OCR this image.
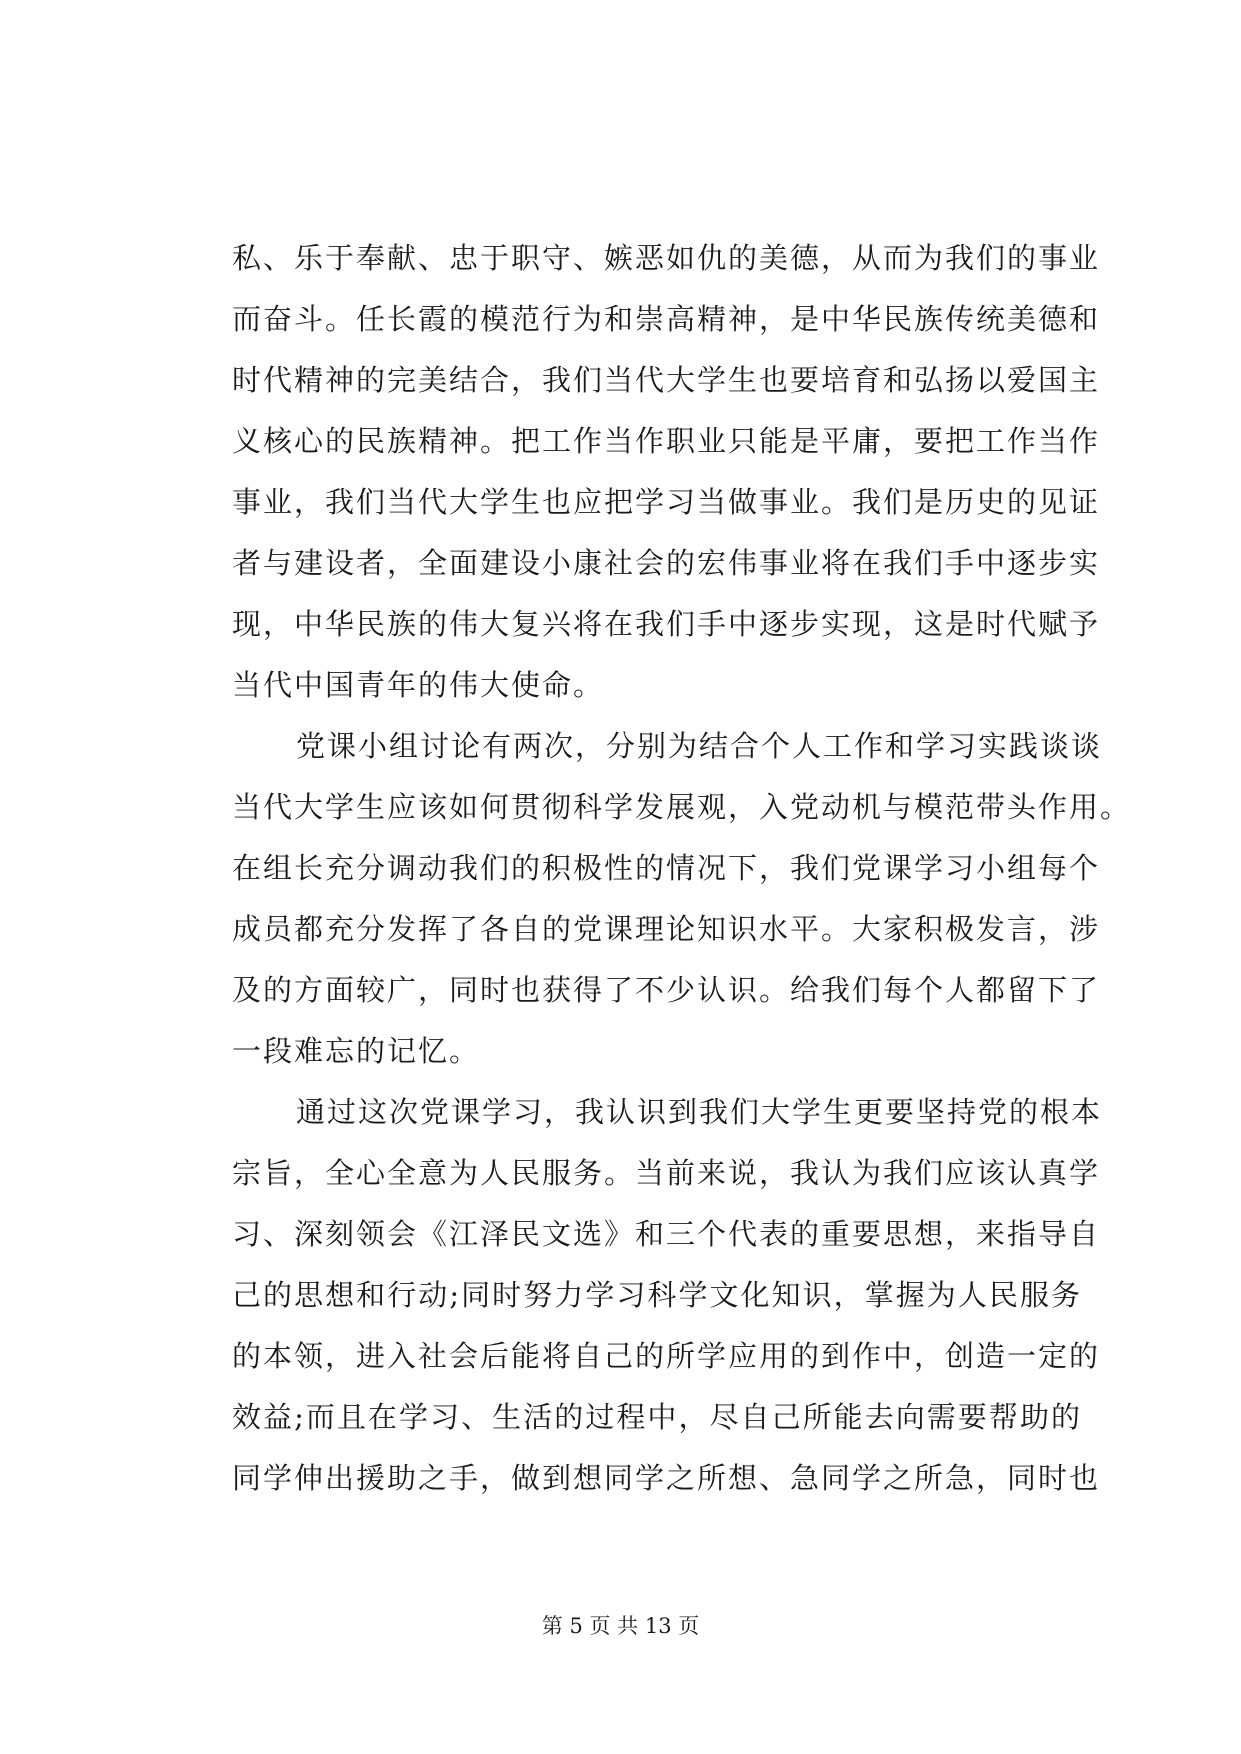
私、乐于奉献、忠于职守、嫉恶如仇的美德，从而为我们的事业
而奋斗。任长霞的模范行为和崇高精神，是中华民族传统美德和
时代精神的完美结合，我们当代大学生也要培育和弘扬以爱国主
义核心的民族精神。把工作当作职业只能是平庸，要把工作当作
事业，我们当代大学生也应把学习当做事业。我们是历史的见证
者与建设者，全面建设小康社会的宏伟事业将在我们手中逐步实
现，中华民族的伟大复兴将在我们手中逐步实现，这是时代赋予
当代中国青年的伟大使命。
党课小组讨论有两次，分别为结合个人工作和学习实践谈谈
当代大学生应该如何贯彻科学发展观，入党动机与模范带头作用。
在组长充分调动我们的积极性的情况下，我们党课学习小组每个
成员都充分发挥了各自的党课理论知识水平。大家积极发言，涉
及的方面较广，同时也获得了不少认识。给我们每个人都留下了
一段难忘的记忆。
通过这次党课学习，我认识到我们大学生更要坚持党的根本
宗旨，全心全意为人民服务。当前来说，我认为我们应该认真学
习、深刻领会《江泽民文选》和三个代表的重要思想，来指导自
己的思想和行动;同时努力学习科学文化知识，掌握为人民服务
的本领，进入社会后能将自己的所学应用的到作中，创造一定的
效益;而且在学习、生活的过程中，尽自己所能去向需要帮助的
同学伸出援助之手，做到想同学之所想、急同学之所急，同时也
第 5 页 共 13 页
